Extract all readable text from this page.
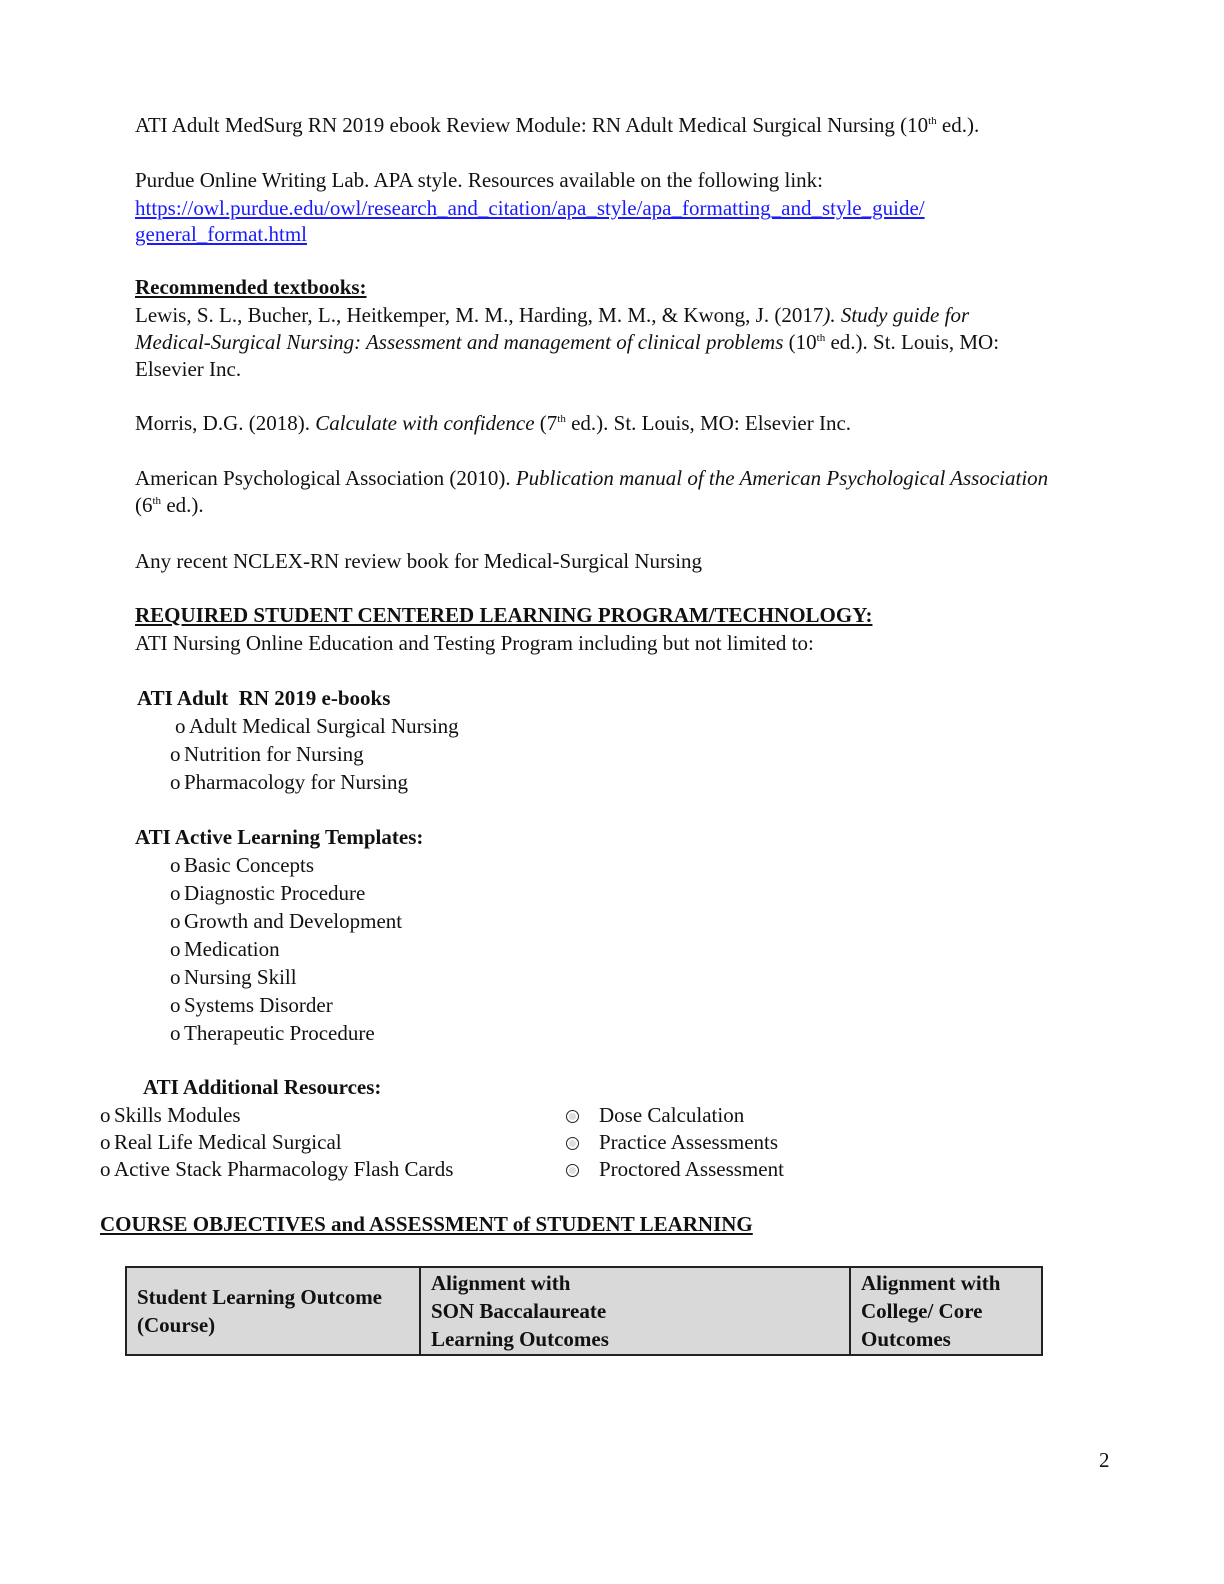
ATI Adult MedSurg RN 2019 ebook Review Module: RN Adult Medical Surgical Nursing (10th ed.).
Purdue Online Writing Lab. APA style. Resources available on the following link:
https://owl.purdue.edu/owl/research_and_citation/apa_style/apa_formatting_and_style_guide/
general_format.html
Recommended textbooks:
Lewis, S. L., Bucher, L., Heitkemper, M. M., Harding, M. M., & Kwong, J. (2017). Study guide for
Medical-Surgical Nursing: Assessment and management of clinical problems (10th ed.). St. Louis, MO:
Elsevier Inc.
Morris, D.G. (2018). Calculate with confidence (7th ed.). St. Louis, MO: Elsevier Inc.
American Psychological Association (2010). Publication manual of the American Psychological Association
(6th ed.).
Any recent NCLEX-RN review book for Medical-Surgical Nursing
REQUIRED STUDENT CENTERED LEARNING PROGRAM/TECHNOLOGY:
ATI Nursing Online Education and Testing Program including but not limited to:
ATI Adult  RN 2019 e-books
o Adult Medical Surgical Nursing
o Nutrition for Nursing
o Pharmacology for Nursing
ATI Active Learning Templates:
o Basic Concepts
o Diagnostic Procedure
o Growth and Development
o Medication
o Nursing Skill
o Systems Disorder
o Therapeutic Procedure
ATI Additional Resources:
o Skills Modules
o Real Life Medical Surgical
o Active Stack Pharmacology Flash Cards
Dose Calculation
Practice Assessments
Proctored Assessment
COURSE OBJECTIVES and ASSESSMENT of STUDENT LEARNING
Student Learning Outcome
(Course)

Alignment with
SON Baccalaureate
Learning Outcomes

Alignment with
College/ Core
Outcomes
2
